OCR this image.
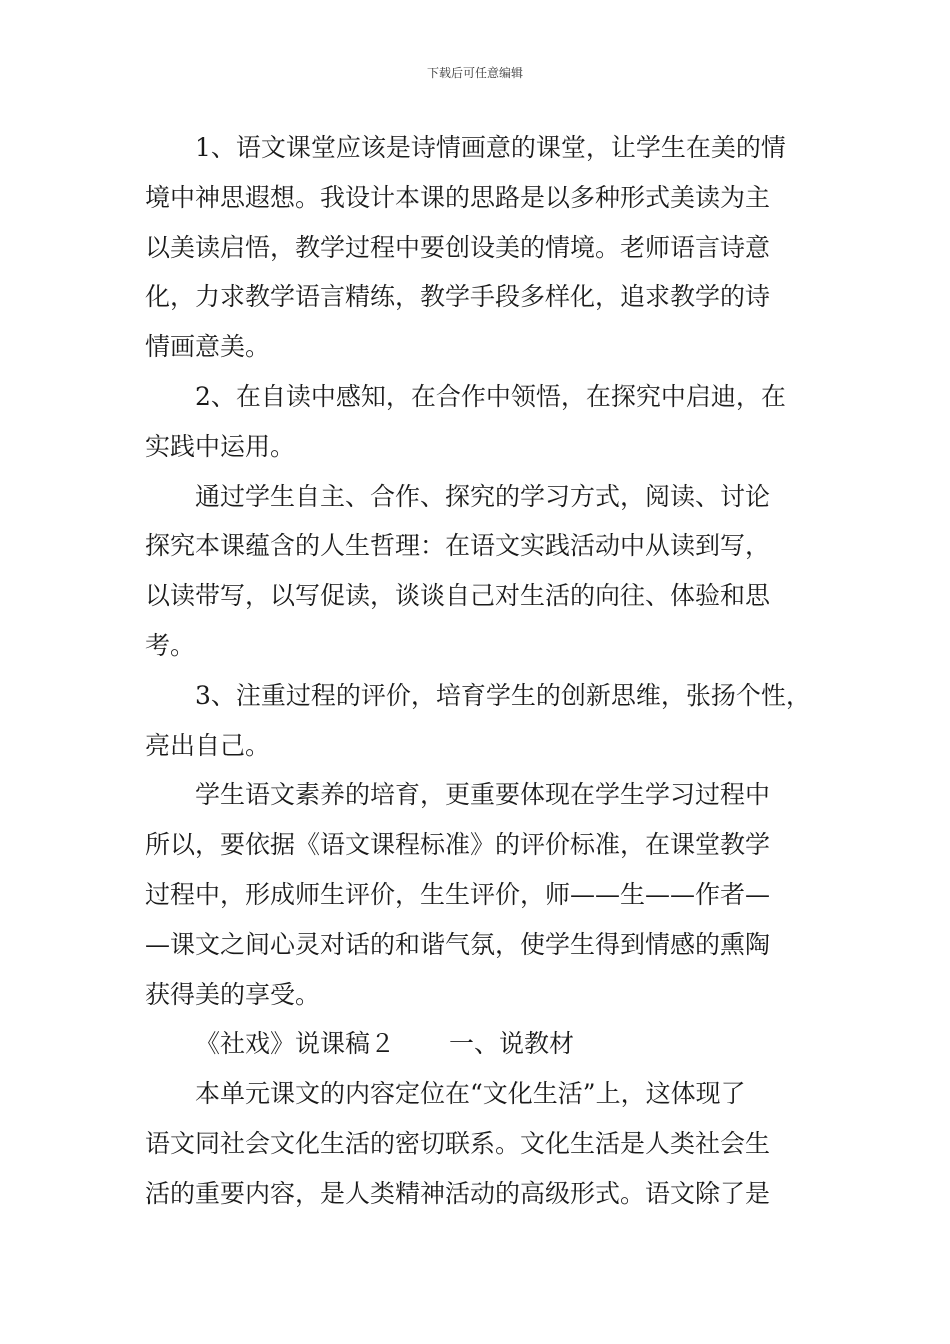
下载后可任意编辑

1、语文课堂应该是诗情画意的课堂，让学生在美的情
境中神思遐想。我设计本课的思路是以多种形式美读为主
以美读启悟，教学过程中要创设美的情境。老师语言诗意
化，力求教学语言精练，教学手段多样化，追求教学的诗
情画意美。

2、在自读中感知，在合作中领悟，在探究中启迪，在
实践中运用。

通过学生自主、合作、探究的学习方式，阅读、讨论
探究本课蕴含的人生哲理：在语文实践活动中从读到写，
以读带写，以写促读，谈谈自己对生活的向往、体验和思
考。

3、注重过程的评价，培育学生的创新思维，张扬个性，
亮出自己。

学生语文素养的培育，更重要体现在学生学习过程中
所以，要依据《语文课程标准》的评价标准，在课堂教学
过程中，形成师生评价，生生评价，师——生——作者—
—课文之间心灵对话的和谐气氛，使学生得到情感的熏陶
获得美的享受。

《社戏》说课稿２ 一、说教材

本单元课文的内容定位在“文化生活”上，这体现了
语文同社会文化生活的密切联系。文化生活是人类社会生
活的重要内容，是人类精神活动的高级形式。语文除了是
